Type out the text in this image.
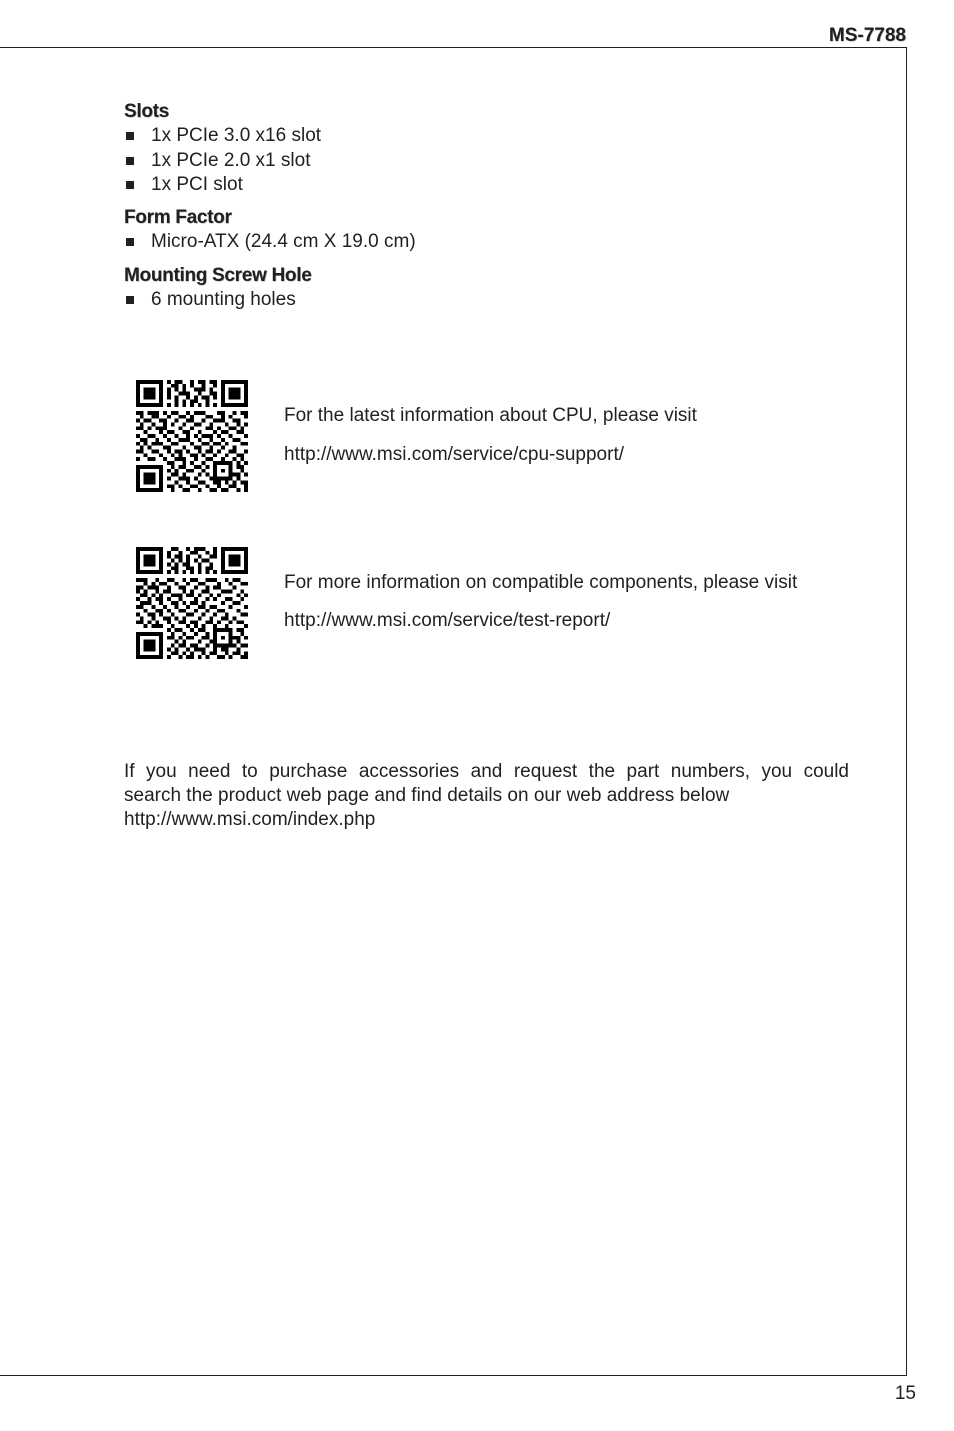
MS-7788
Slots
1x PCIe 3.0 x16 slot
1x PCIe 2.0 x1 slot
1x PCI slot
Form Factor
Micro-ATX (24.4 cm X 19.0 cm)
Mounting Screw Hole
6 mounting holes
For the latest information about CPU, please visit
http://www.msi.com/service/cpu-support/
For more information on compatible components, please visit
http://www.msi.com/service/test-report/
If you need to purchase accessories and request the part numbers, you could
search the product web page and find details on our web address below
http://www.msi.com/index.php
15
